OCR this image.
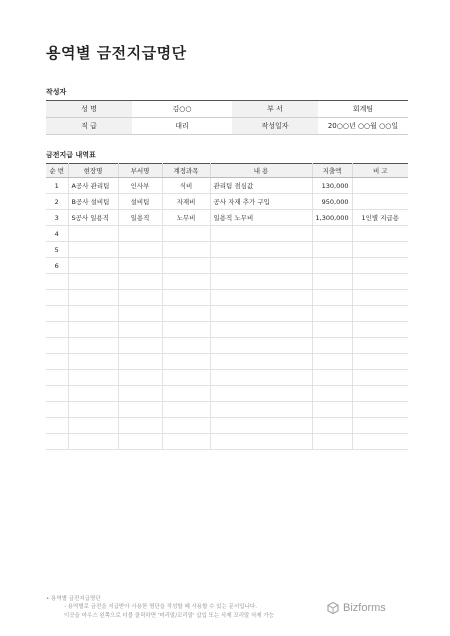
용역별 금전지급명단
작성자
성 명	김○○	부 서	회계팀
직 급	대리	작성일자	20○○년 ○○월 ○○일
금전지급 내역표
순 번	현장명	부서명	계정과목	내 용	지출액	비 고
1	A공사 관리팀	인사부	식비	관리팀 점심값	130,000	
2	B공사 설비팀	설비팀	자재비	공사 자재 추가 구입	950,000	
3	S공사 일용직	일용직	노무비	일용직 노무비	1,300,000	1인별 지급용
4						
5						
6						

• 용역별 금전지급명단
- 용역별로 금전을 지급받아 사용한 명단을 작성할 때 사용할 수 있는 문서입니다.
이곳을 마우스 왼쪽으로 더블 클릭하면 '머리말/꼬리말' 삽입 또는 삭제 꼬리말 삭제 가능
Bizforms
